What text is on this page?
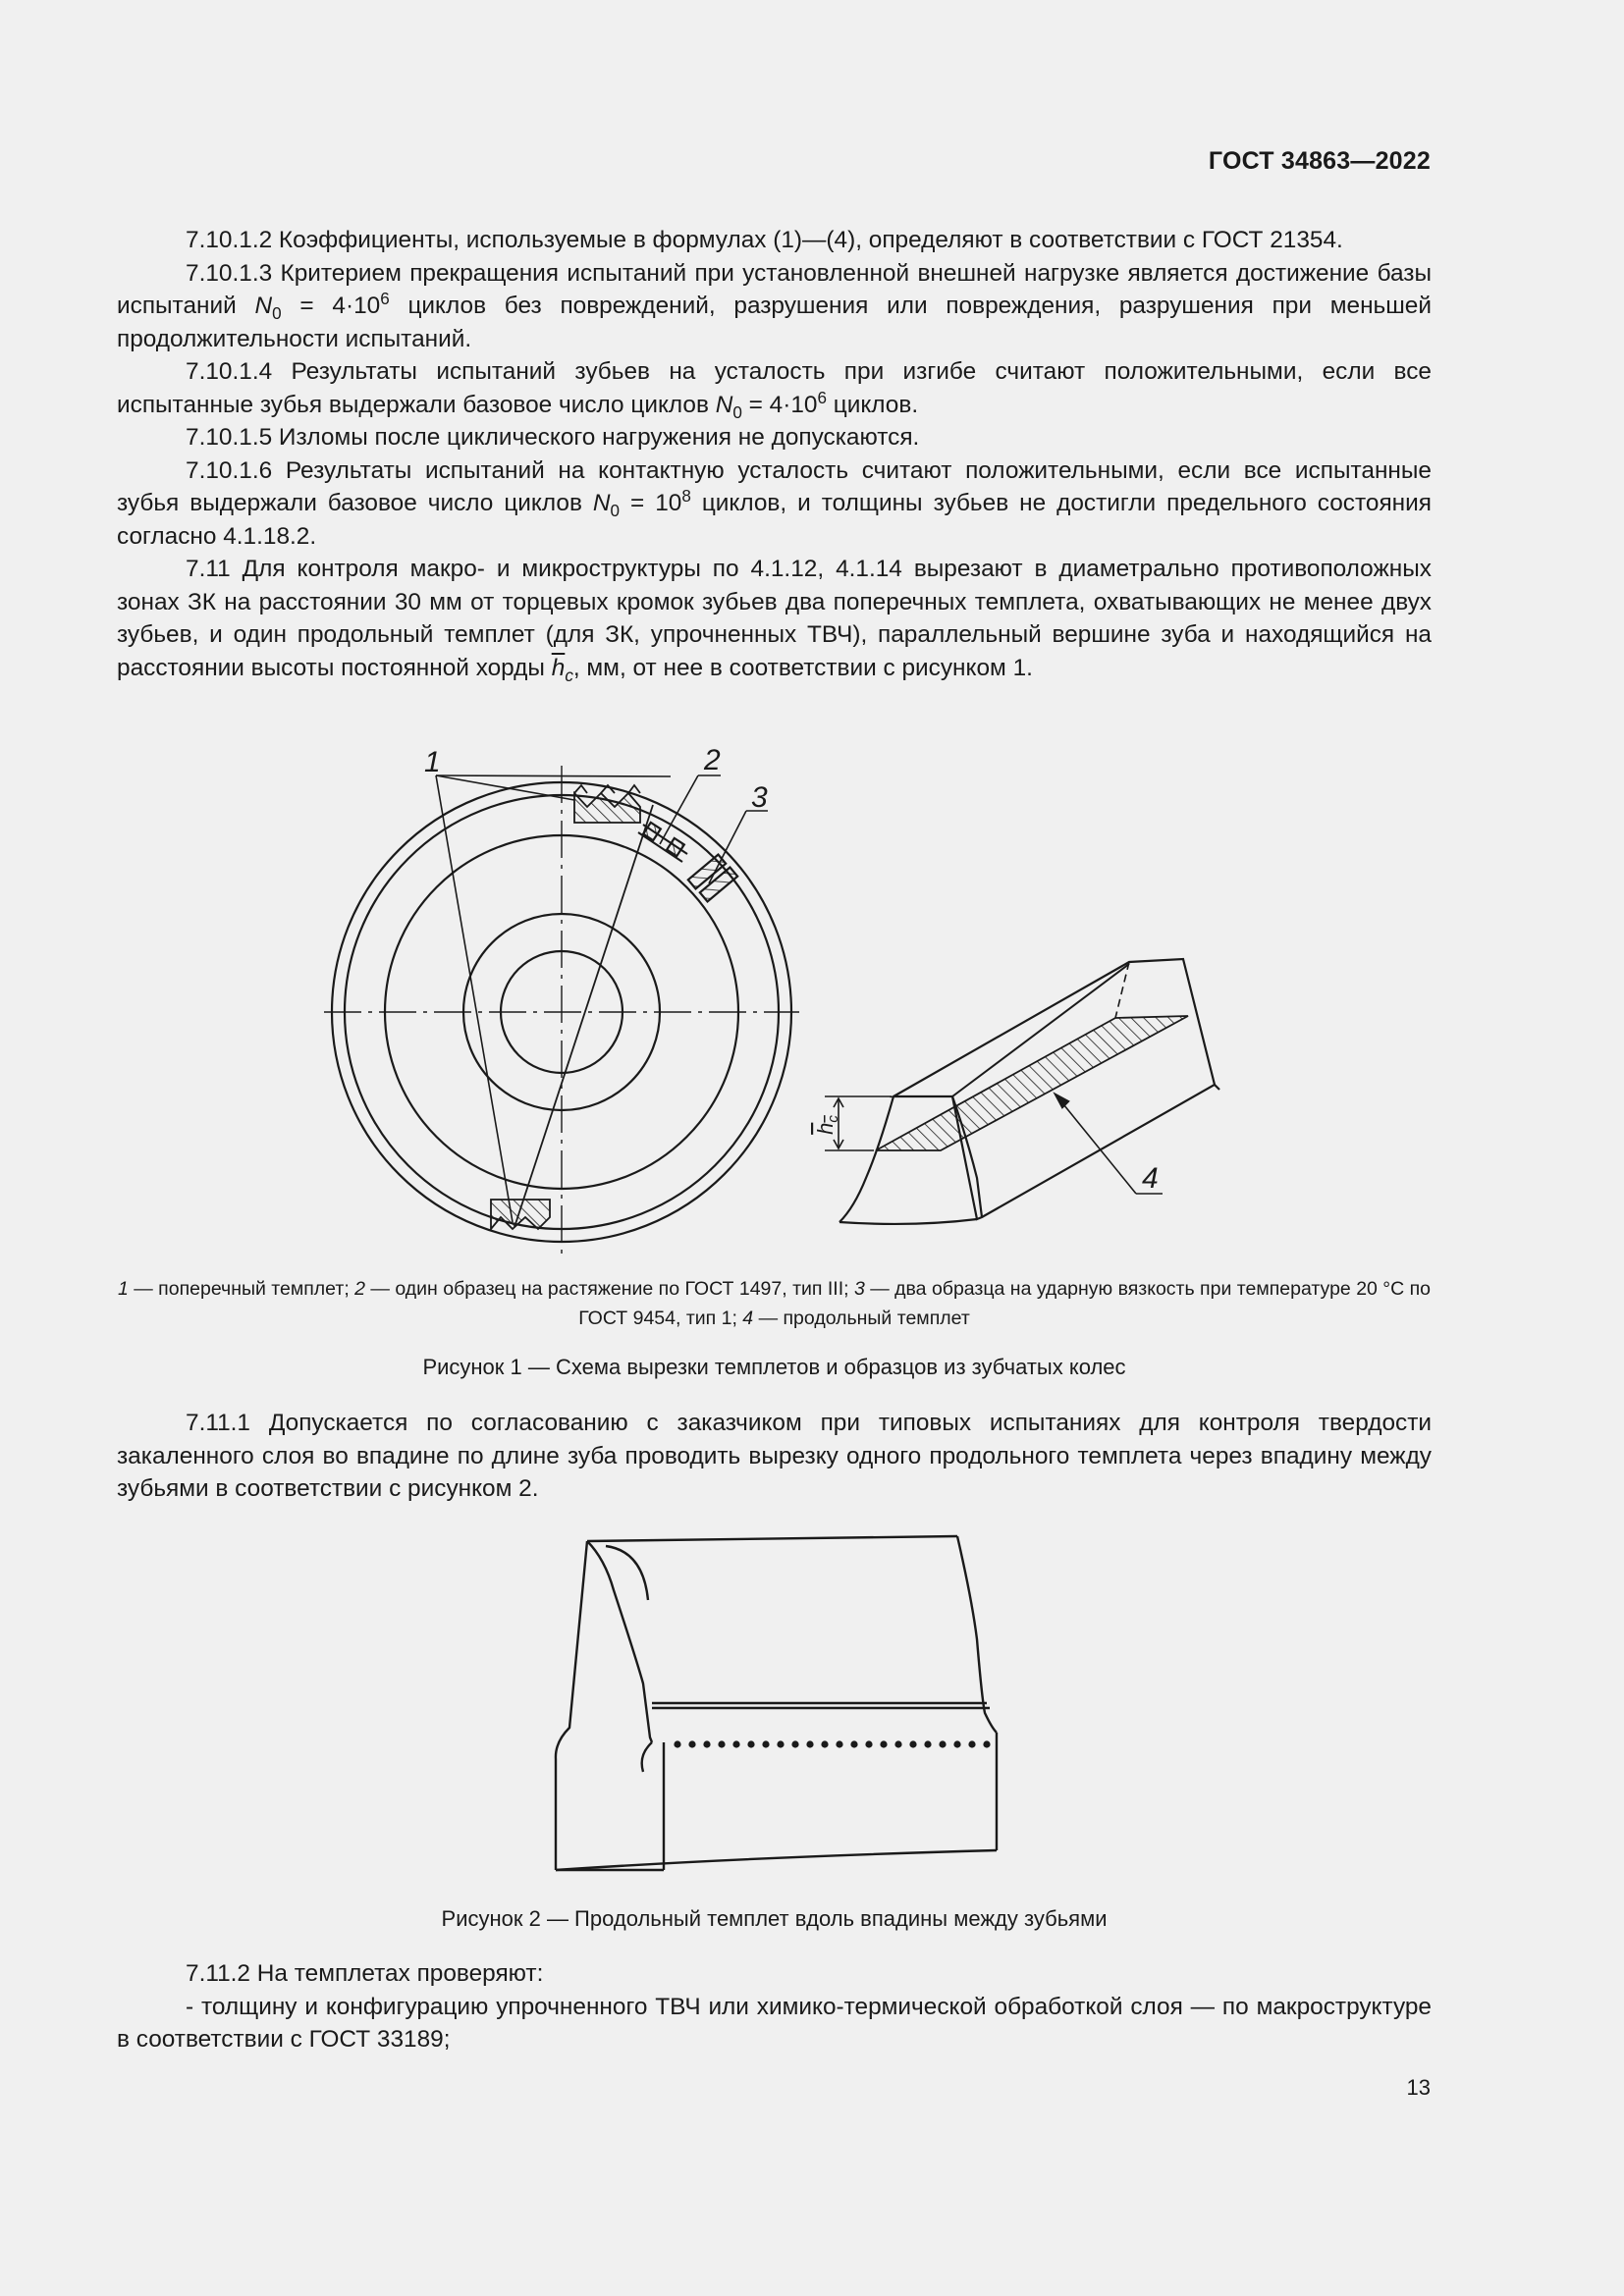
ГОСТ 34863—2022

7.10.1.2 Коэффициенты, используемые в формулах (1)—(4), определяют в соответствии с ГОСТ 21354.

7.10.1.3 Критерием прекращения испытаний при установленной внешней нагрузке является достижение базы испытаний $N_0 = 4\cdot 10^6$ циклов без повреждений, разрушения или повреждения, разрушения при меньшей продолжительности испытаний.

7.10.1.4 Результаты испытаний зубьев на усталость при изгибе считают положительными, если все испытанные зубья выдержали базовое число циклов $N_0 = 4\cdot 10^6$ циклов.

7.10.1.5 Изломы после циклического нагружения не допускаются.

7.10.1.6 Результаты испытаний на контактную усталость считают положительными, если все испытанные зубья выдержали базовое число циклов $N_0 = 10^8$ циклов, и толщины зубьев не достигли предельного состояния согласно 4.1.18.2.

7.11 Для контроля макро- и микроструктуры по 4.1.12, 4.1.14 вырезают в диаметрально противоположных зонах ЗК на расстоянии 30 мм от торцевых кромок зубьев два поперечных темплета, охватывающих не менее двух зубьев, и один продольный темплет (для ЗК, упрочненных ТВЧ), параллельный вершине зуба и находящийся на расстоянии высоты постоянной хорды $\overline{h}_c$, мм, от нее в соответствии с рисунком 1.

1	2
3
4
$h_c$
1 — поперечный темплет; 2 — один образец на растяжение по ГОСТ 1497, тип III; 3 — два образца на ударную вязкость при температуре 20 °С по ГОСТ 9454, тип 1; 4 — продольный темплет
Рисунок 1 — Схема вырезки темплетов и образцов из зубчатых колес

7.11.1 Допускается по согласованию с заказчиком при типовых испытаниях для контроля твердости закаленного слоя во впадине по длине зуба проводить вырезку одного продольного темплета через впадину между зубьями в соответствии с рисунком 2.

Рисунок 2 — Продольный темплет вдоль впадины между зубьями

7.11.2 На темплетах проверяют:

- толщину и конфигурацию упрочненного ТВЧ или химико-термической обработкой слоя — по макроструктуре в соответствии с ГОСТ 33189;

13
